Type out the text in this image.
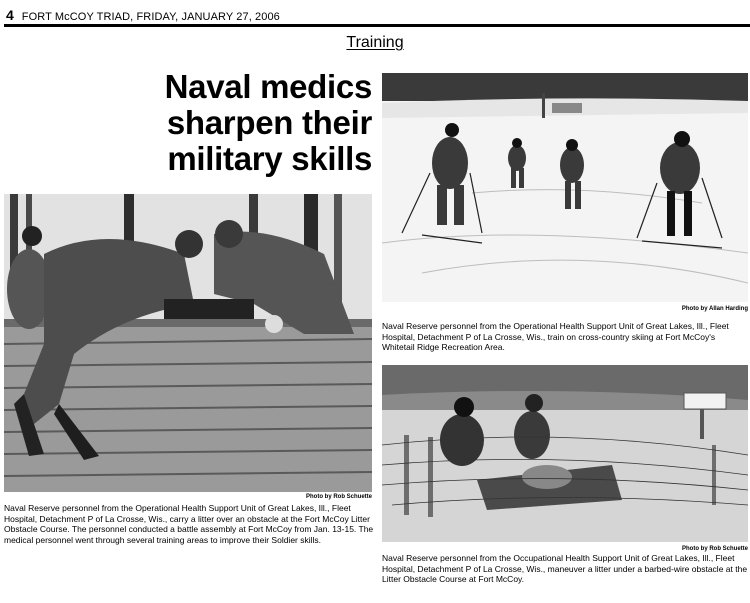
4 FORT McCOY TRIAD, FRIDAY, JANUARY 27, 2006
Training
Naval medics
sharpen their
military skills
Photo by Rob Schuette
Naval Reserve personnel from the Operational Health Support Unit of Great Lakes, Ill., Fleet Hospital, Detachment P of La Crosse, Wis., carry a litter over an obstacle at the Fort McCoy Litter Obstacle Course. The personnel conducted a battle assembly at Fort McCoy from Jan. 13-15. The medical personnel went through several training areas to improve their Soldier skills.
Photo by Allan Harding
Naval Reserve personnel from the Operational Health Support Unit of Great Lakes, Ill., Fleet Hospital, Detachment P of La Crosse, Wis., train on cross-country skiing at Fort McCoy's Whitetail Ridge Recreation Area.
Photo by Rob Schuette
Naval Reserve personnel from the Occupational Health Support Unit of Great Lakes, Ill., Fleet Hospital, Detachment P of La Crosse, Wis., maneuver a litter under a barbed-wire obstacle at the Litter Obstacle Course at Fort McCoy.
